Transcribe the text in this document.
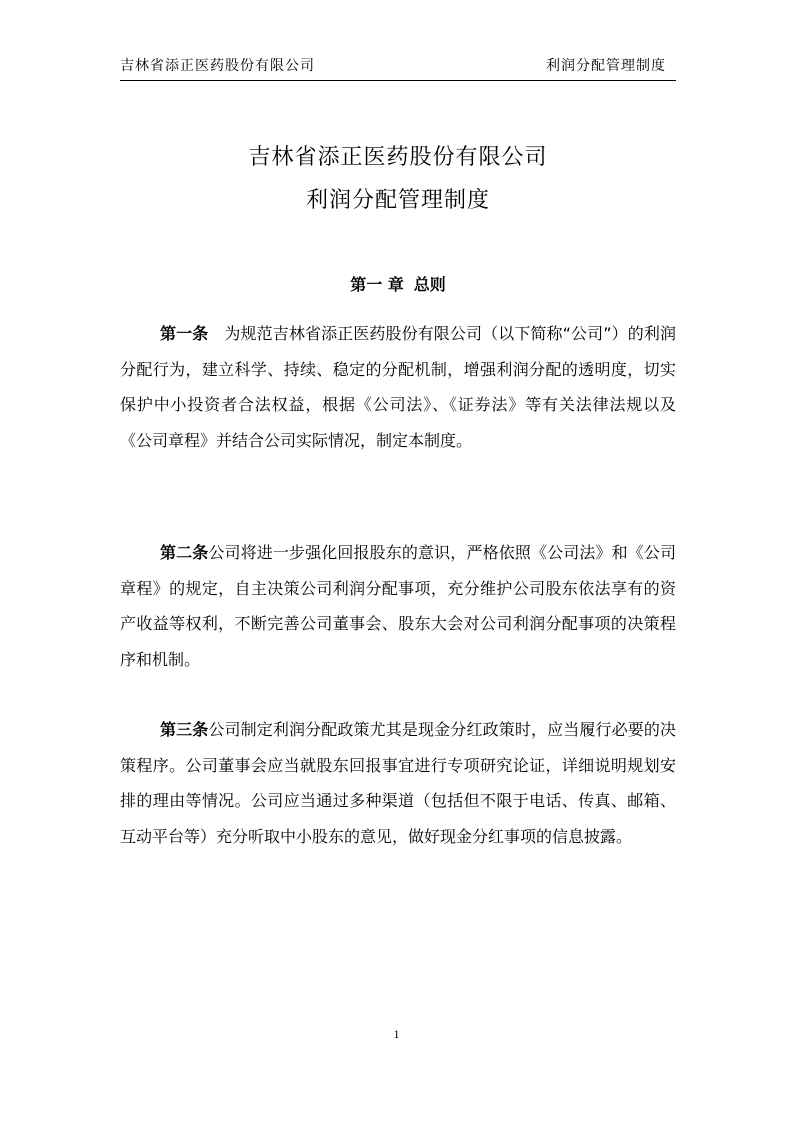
吉林省添正医药股份有限公司	利润分配管理制度
吉林省添正医药股份有限公司
利润分配管理制度
第一 章 总则
第一条　为规范吉林省添正医药股份有限公司（以下简称“公司”）的利润分配行为，建立科学、持续、稳定的分配机制，增强利润分配的透明度，切实保护中小投资者合法权益，根据《公司法》、《证券法》等有关法律法规以及《公司章程》并结合公司实际情况，制定本制度。
第二条公司将进一步强化回报股东的意识，严格依照《公司法》和《公司章程》的规定，自主决策公司利润分配事项，充分维护公司股东依法享有的资产收益等权利，不断完善公司董事会、股东大会对公司利润分配事项的决策程序和机制。
第三条公司制定利润分配政策尤其是现金分红政策时，应当履行必要的决策程序。公司董事会应当就股东回报事宜进行专项研究论证，详细说明规划安排的理由等情况。公司应当通过多种渠道（包括但不限于电话、传真、邮箱、互动平台等）充分听取中小股东的意见，做好现金分红事项的信息披露。
1
